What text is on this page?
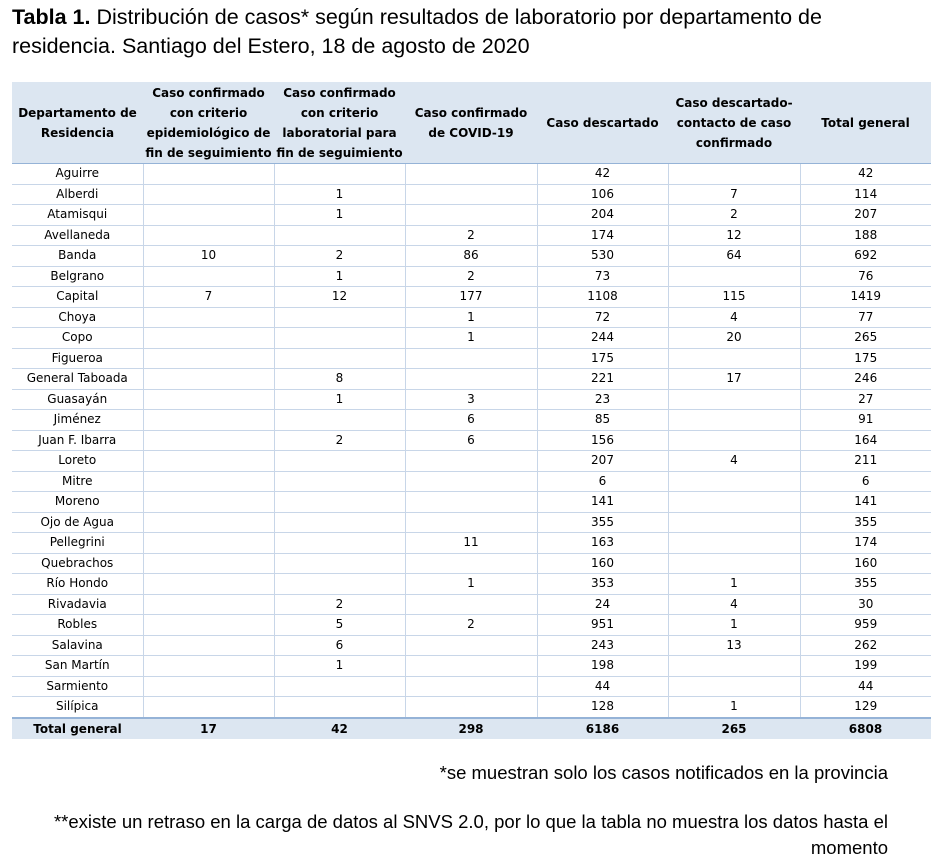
Tabla 1. Distribución de casos* según resultados de laboratorio por departamento de residencia. Santiago del Estero, 18 de agosto de 2020
Departamento de Residencia	Caso confirmado con criterio epidemiológico de fin de seguimiento	Caso confirmado con criterio laboratorial para fin de seguimiento	Caso confirmado de COVID-19	Caso descartado	Caso descartado-contacto de caso confirmado	Total general
Aguirre				42		42
Alberdi		1		106	7	114
Atamisqui		1		204	2	207
Avellaneda			2	174	12	188
Banda	10	2	86	530	64	692
Belgrano		1	2	73		76
Capital	7	12	177	1108	115	1419
Choya			1	72	4	77
Copo			1	244	20	265
Figueroa				175		175
General Taboada		8		221	17	246
Guasayán		1	3	23		27
Jiménez			6	85		91
Juan F. Ibarra		2	6	156		164
Loreto				207	4	211
Mitre				6		6
Moreno				141		141
Ojo de Agua				355		355
Pellegrini			11	163		174
Quebrachos				160		160
Río Hondo			1	353	1	355
Rivadavia		2		24	4	30
Robles		5	2	951	1	959
Salavina		6		243	13	262
San Martín		1		198		199
Sarmiento				44		44
Silípica				128	1	129
Total general	17	42	298	6186	265	6808

*se muestran solo los casos notificados en la provincia

**existe un retraso en la carga de datos al SNVS 2.0, por lo que la tabla no muestra los datos hasta el momento
